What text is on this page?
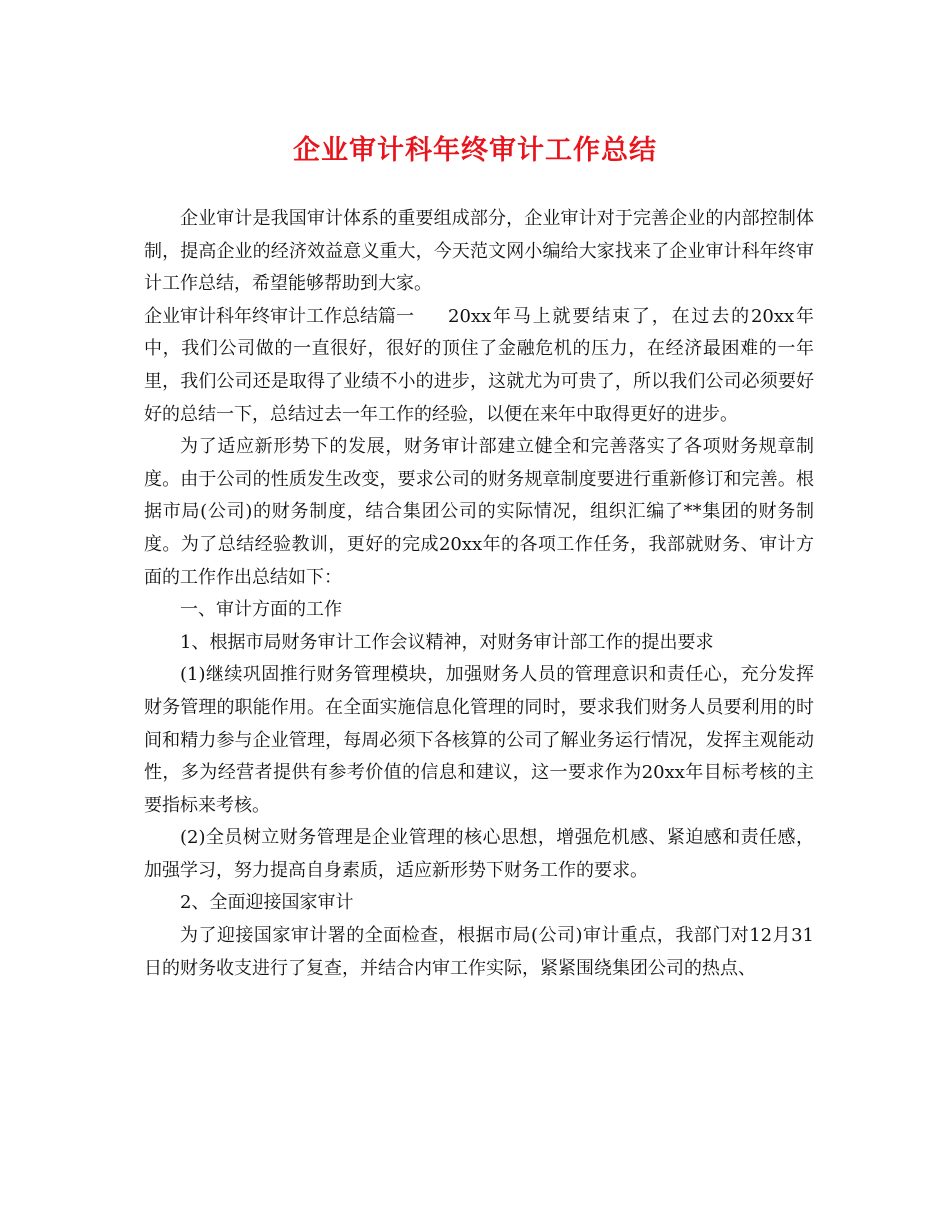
企业审计科年终审计工作总结

企业审计是我国审计体系的重要组成部分，企业审计对于完善企业的内部控制体制，提高企业的经济效益意义重大，今天范文网小编给大家找来了企业审计科年终审计工作总结，希望能够帮助到大家。

企业审计科年终审计工作总结篇一 20xx年马上就要结束了，在过去的20xx年中，我们公司做的一直很好，很好的顶住了金融危机的压力，在经济最困难的一年里，我们公司还是取得了业绩不小的进步，这就尤为可贵了，所以我们公司必须要好好的总结一下，总结过去一年工作的经验，以便在来年中取得更好的进步。

为了适应新形势下的发展，财务审计部建立健全和完善落实了各项财务规章制度。由于公司的性质发生改变，要求公司的财务规章制度要进行重新修订和完善。根据市局(公司)的财务制度，结合集团公司的实际情况，组织汇编了**集团的财务制度。为了总结经验教训，更好的完成20xx年的各项工作任务，我部就财务、审计方面的工作作出总结如下：

一、审计方面的工作

1、根据市局财务审计工作会议精神，对财务审计部工作的提出要求

(1)继续巩固推行财务管理模块，加强财务人员的管理意识和责任心，充分发挥财务管理的职能作用。在全面实施信息化管理的同时，要求我们财务人员要利用的时间和精力参与企业管理，每周必须下各核算的公司了解业务运行情况，发挥主观能动性，多为经营者提供有参考价值的信息和建议，这一要求作为20xx年目标考核的主要指标来考核。

(2)全员树立财务管理是企业管理的核心思想，增强危机感、紧迫感和责任感，加强学习，努力提高自身素质，适应新形势下财务工作的要求。

2、全面迎接国家审计

为了迎接国家审计署的全面检查，根据市局(公司)审计重点，我部门对12月31日的财务收支进行了复查，并结合内审工作实际，紧紧围绕集团公司的热点、
